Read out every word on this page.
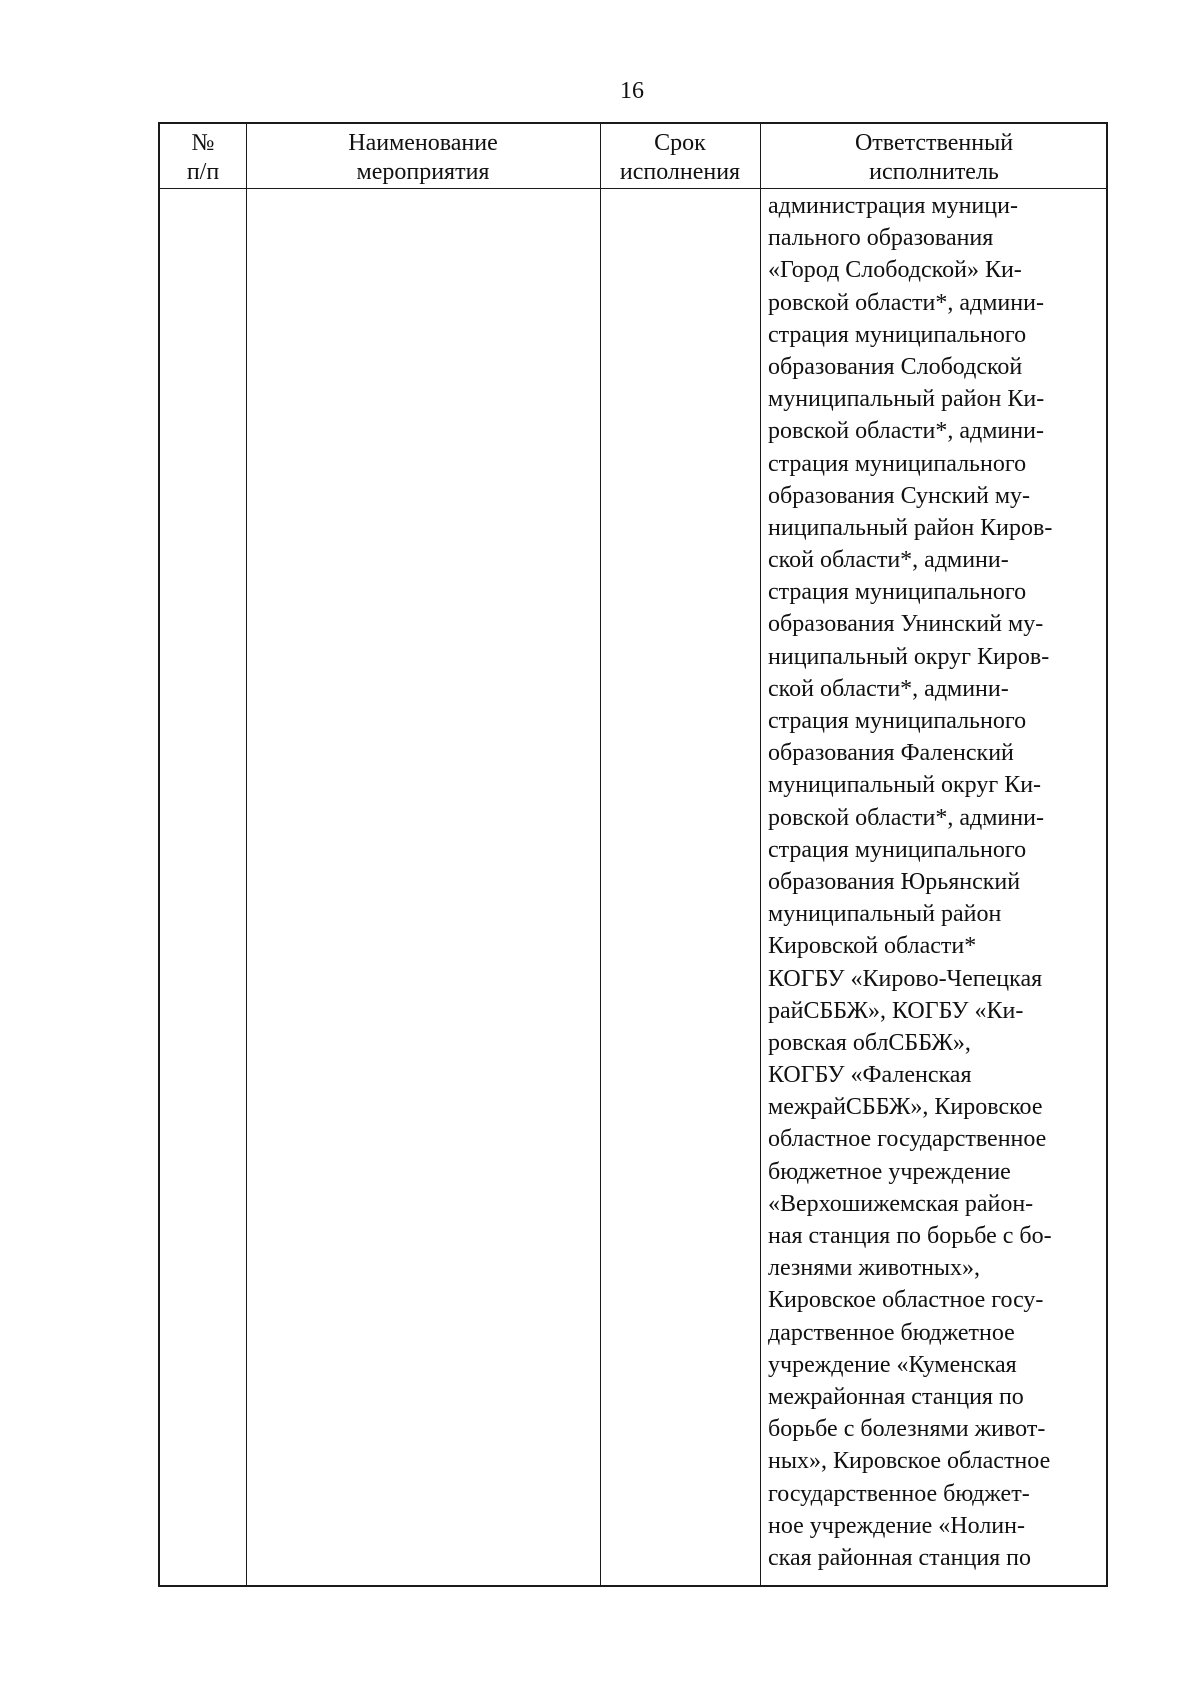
16
№
п/п
Наименование
мероприятия
Срок
исполнения
Ответственный
исполнитель
администрация муници-
пального образования
«Город Слободской» Ки-
ровской области*, админи-
страция муниципального
образования Слободской
муниципальный район Ки-
ровской области*, админи-
страция муниципального
образования Сунский му-
ниципальный район Киров-
ской области*, админи-
страция муниципального
образования Унинский му-
ниципальный округ Киров-
ской области*, админи-
страция муниципального
образования Фаленский
муниципальный округ Ки-
ровской области*, админи-
страция муниципального
образования Юрьянский
муниципальный район
Кировской области*
КОГБУ «Кирово-Чепецкая
райСББЖ», КОГБУ «Ки-
ровская облСББЖ»,
КОГБУ «Фаленская
межрайСББЖ», Кировское
областное государственное
бюджетное учреждение
«Верхошижемская район-
ная станция по борьбе с бо-
лезнями животных»,
Кировское областное госу-
дарственное бюджетное
учреждение «Куменская
межрайонная станция по
борьбе с болезнями живот-
ных», Кировское областное
государственное бюджет-
ное учреждение «Нолин-
ская районная станция по
